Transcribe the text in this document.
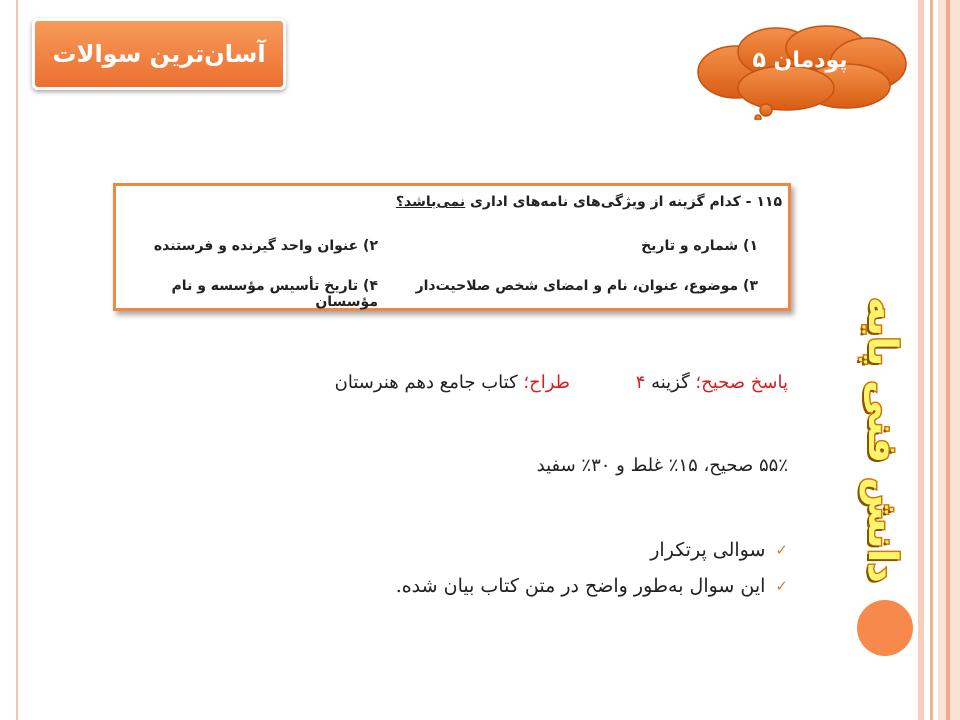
آسان‌ترین سوالات	پودمان ۵
۱۱۵ - کدام گزینه از ویژگی‌های نامه‌های اداری نمی‌باشد؟
۱) شماره و تاریخ
۲) عنوان واحد گیرنده و فرستنده
۳) موضوع، عنوان، نام و امضای شخص صلاحیت‌دار
۴) تاریخ تأسیس مؤسسه و نام مؤسسان
پاسخ صحیح؛ گزینه ۴
طراح؛ کتاب جامع دهم هنرستان
۵۵٪ صحیح، ۱۵٪ غلط و ۳۰٪ سفید
✓
سوالی پرتکرار
✓
این سوال به‌طور واضح در متن کتاب بیان شده.
دانش فنی پایه
